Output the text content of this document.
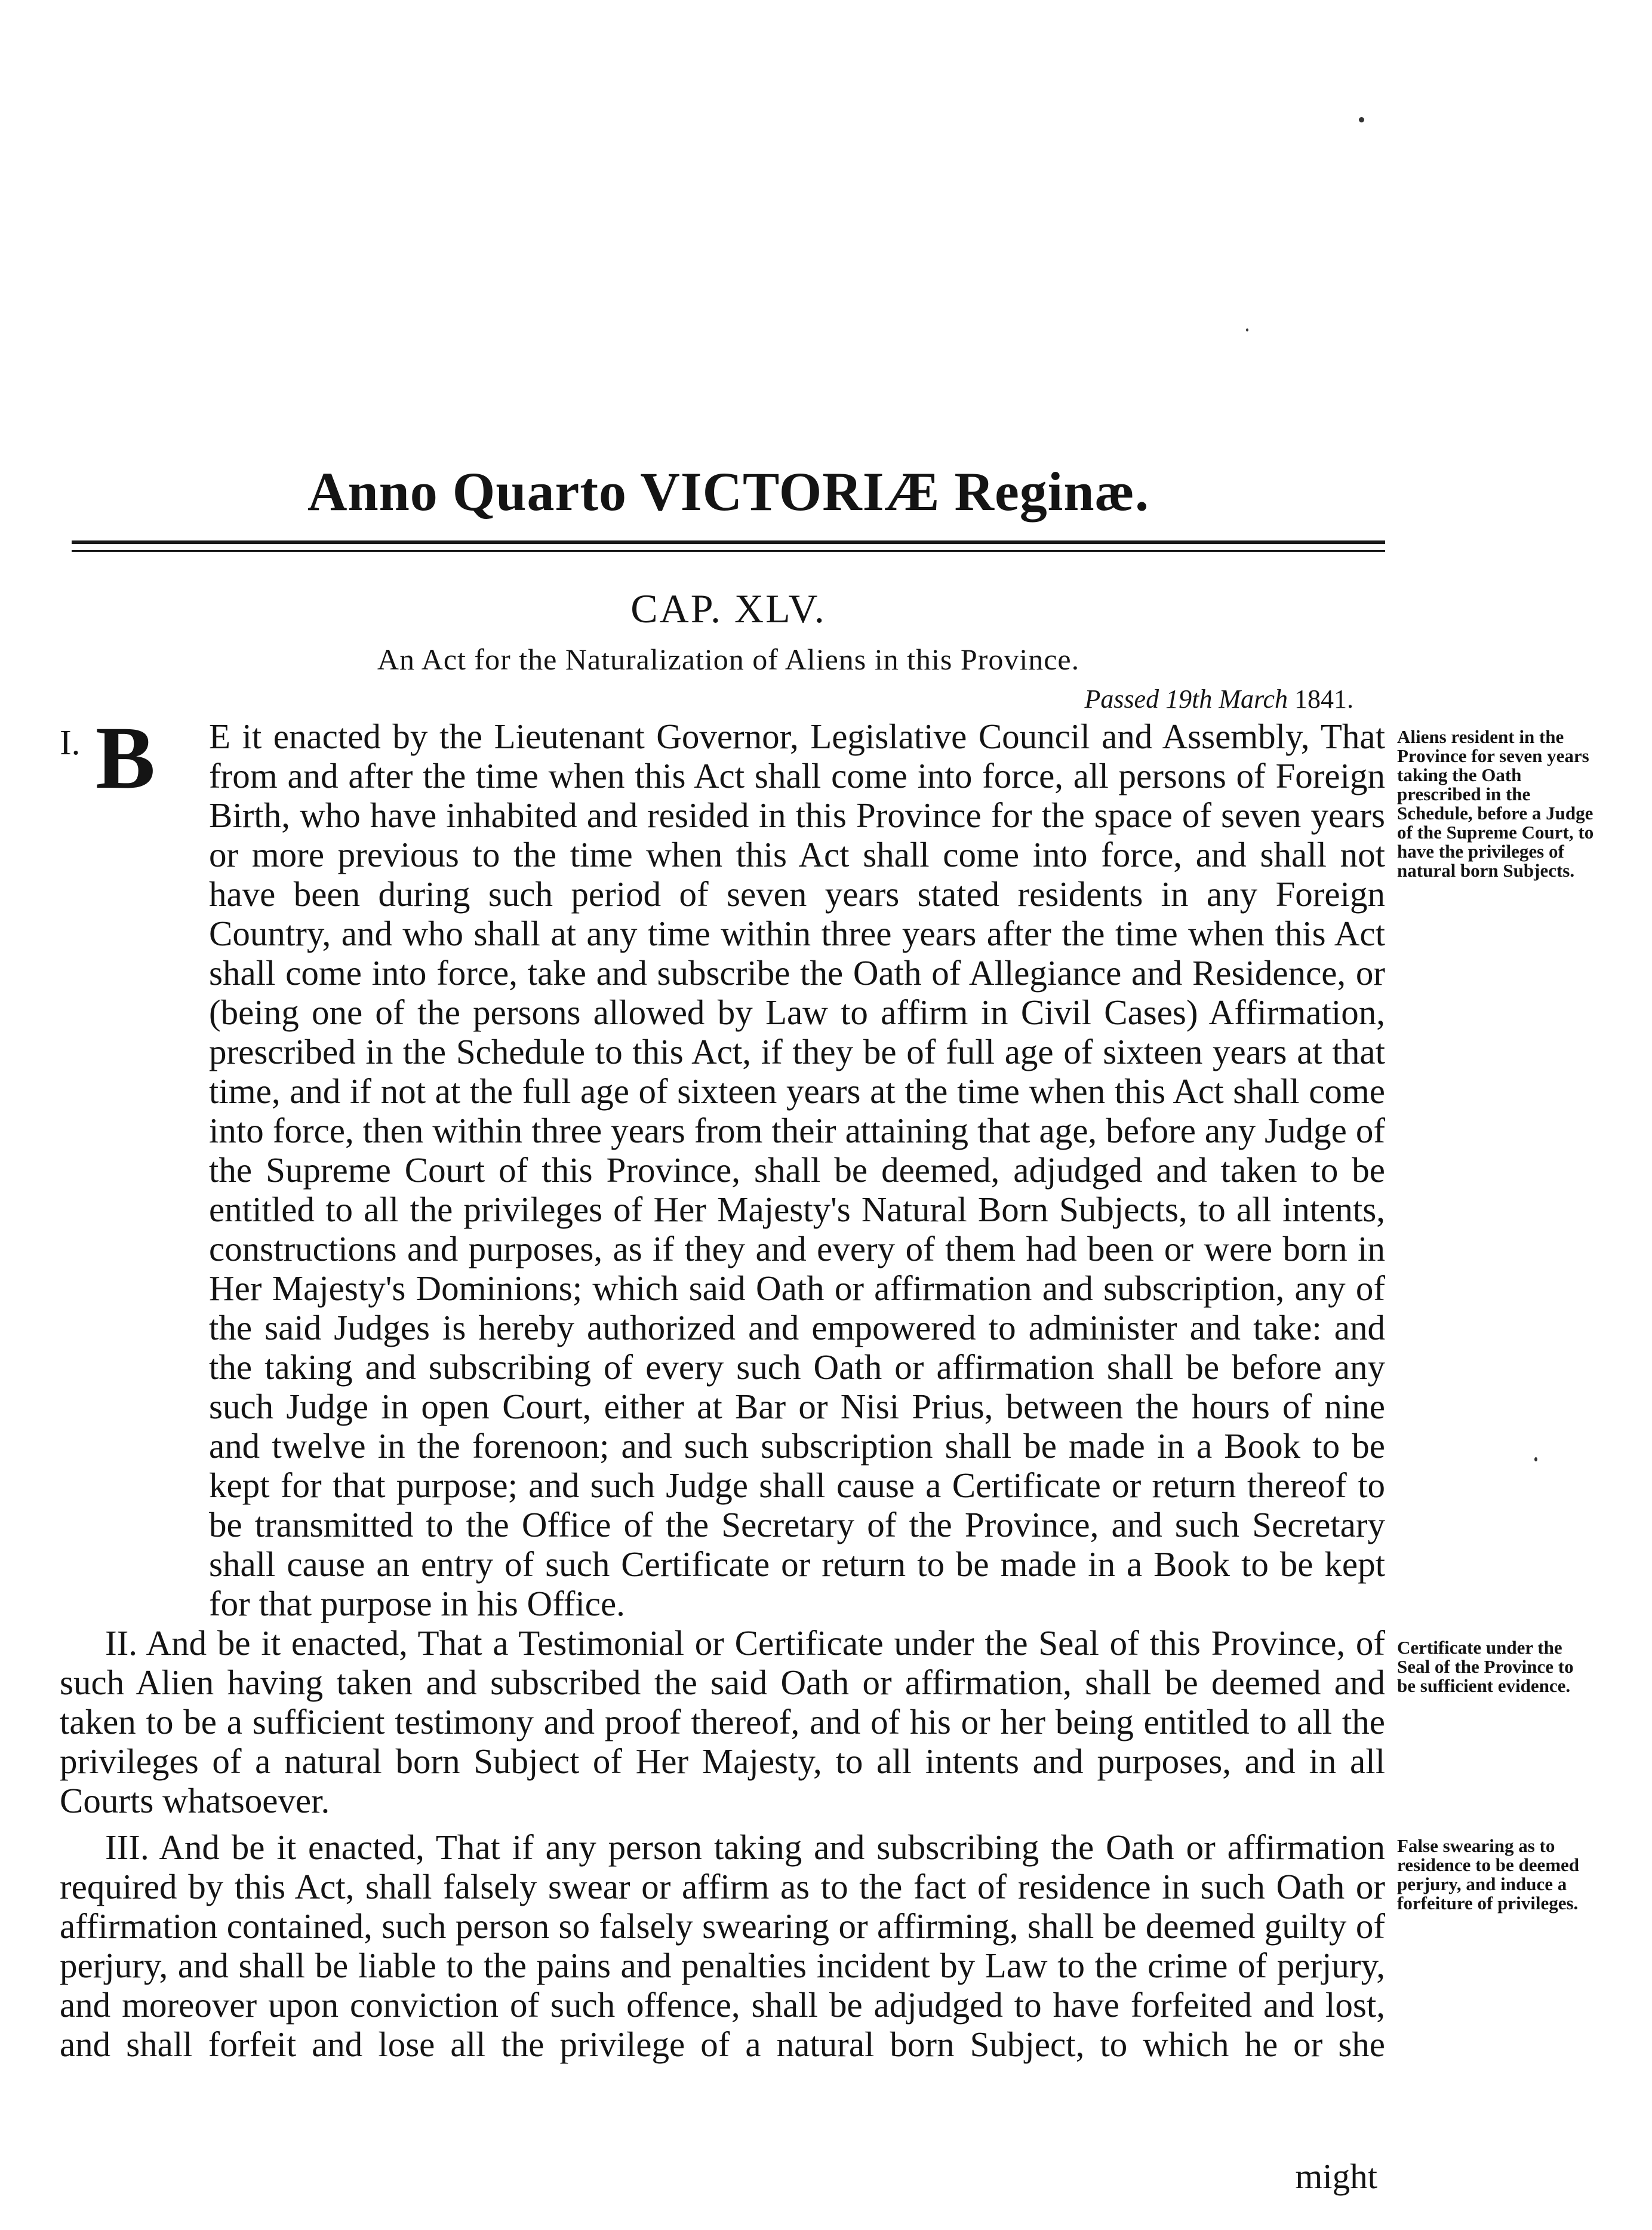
Anno Quarto VICTORIÆ Reginæ.
CAP. XLV.
An Act for the Naturalization of Aliens in this Province.
Passed 19th March 1841.

I. B E it enacted by the Lieutenant Governor, Legislative Council and Assembly, That from and after the time when this Act shall come into force, all persons of Foreign Birth, who have inhabited and resided in this Province for the space of seven years or more previous to the time when this Act shall come into force, and shall not have been during such period of seven years stated residents in any Foreign Country, and who shall at any time within three years after the time when this Act shall come into force, take and subscribe the Oath of Allegiance and Residence, or (being one of the persons allowed by Law to affirm in Civil Cases) Affirmation, prescribed in the Schedule to this Act, if they be of full age of sixteen years at that time, and if not at the full age of sixteen years at the time when this Act shall come into force, then within three years from their attaining that age, before any Judge of the Supreme Court of this Province, shall be deemed, adjudged and taken to be entitled to all the privileges of Her Majesty's Natural Born Subjects, to all intents, constructions and purposes, as if they and every of them had been or were born in Her Majesty's Dominions; which said Oath or affirmation and subscription, any of the said Judges is hereby authorized and empowered to administer and take: and the taking and subscribing of every such Oath or affirmation shall be before any such Judge in open Court, either at Bar or Nisi Prius, between the hours of nine and twelve in the forenoon; and such subscription shall be made in a Book to be kept for that purpose; and such Judge shall cause a Certificate or return thereof to be transmitted to the Office of the Secretary of the Province, and such Secretary shall cause an entry of such Certificate or return to be made in a Book to be kept for that purpose in his Office.

II. And be it enacted, That a Testimonial or Certificate under the Seal of this Province, of such Alien having taken and subscribed the said Oath or affirmation, shall be deemed and taken to be a sufficient testimony and proof thereof, and of his or her being entitled to all the privileges of a natural born Subject of Her Majesty, to all intents and purposes, and in all Courts whatsoever.

III. And be it enacted, That if any person taking and subscribing the Oath or affirmation required by this Act, shall falsely swear or affirm as to the fact of residence in such Oath or affirmation contained, such person so falsely swearing or affirming, shall be deemed guilty of perjury, and shall be liable to the pains and penalties incident by Law to the crime of perjury, and moreover upon conviction of such offence, shall be adjudged to have forfeited and lost, and shall forfeit and lose all the privilege of a natural born Subject, to which he or she

might
Aliens resident in the Province for seven years taking the Oath prescribed in the Schedule, before a Judge of the Supreme Court, to have the privileges of natural born Subjects.
Certificate under the Seal of the Province to be sufficient evidence.
False swearing as to residence to be deemed perjury, and induce a forfeiture of privileges.
